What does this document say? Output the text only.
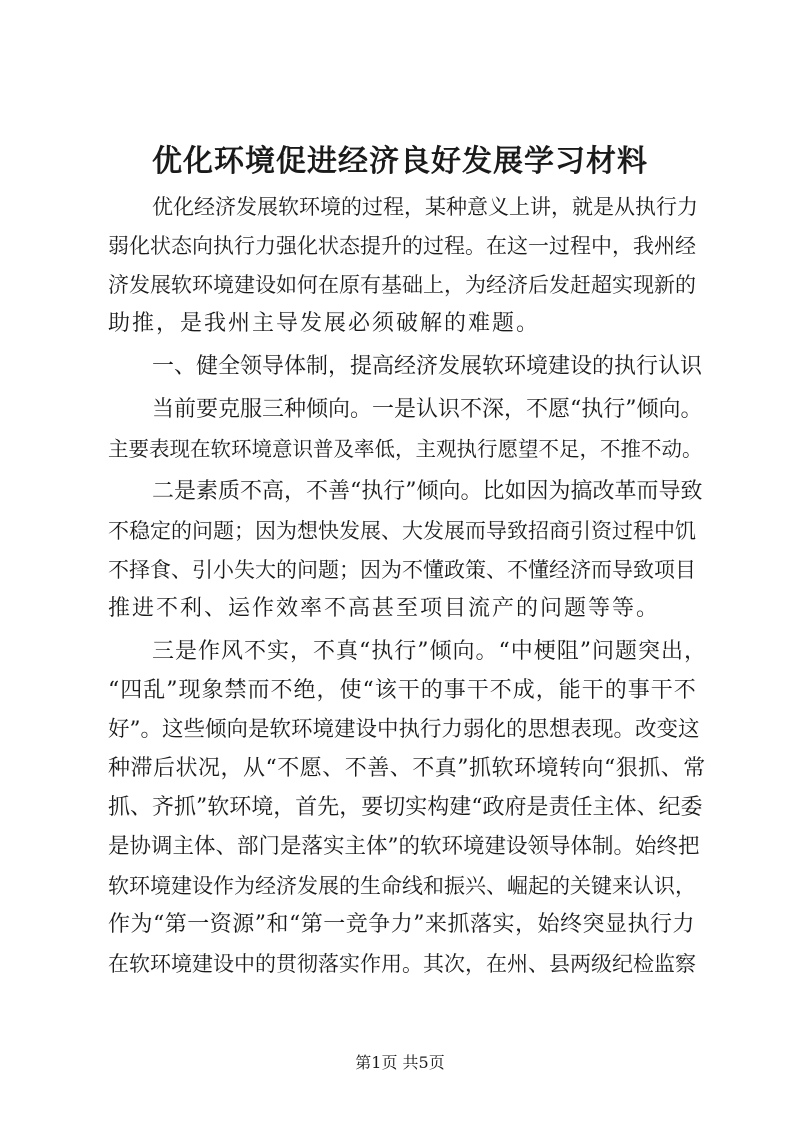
优化环境促进经济良好发展学习材料
优化经济发展软环境的过程，某种意义上讲，就是从执行力
弱化状态向执行力强化状态提升的过程。在这一过程中，我州经
济发展软环境建设如何在原有基础上，为经济后发赶超实现新的
助推，是我州主导发展必须破解的难题。
一、健全领导体制，提高经济发展软环境建设的执行认识
当前要克服三种倾向。一是认识不深，不愿“执行”倾向。
主要表现在软环境意识普及率低，主观执行愿望不足，不推不动。
二是素质不高，不善“执行”倾向。比如因为搞改革而导致
不稳定的问题；因为想快发展、大发展而导致招商引资过程中饥
不择食、引小失大的问题；因为不懂政策、不懂经济而导致项目
推进不利、运作效率不高甚至项目流产的问题等等。
三是作风不实，不真“执行”倾向。“中梗阻”问题突出，
“四乱”现象禁而不绝，使“该干的事干不成，能干的事干不
好”。这些倾向是软环境建设中执行力弱化的思想表现。改变这
种滞后状况，从“不愿、不善、不真”抓软环境转向“狠抓、常
抓、齐抓”软环境，首先，要切实构建“政府是责任主体、纪委
是协调主体、部门是落实主体”的软环境建设领导体制。始终把
软环境建设作为经济发展的生命线和振兴、崛起的关键来认识，
作为“第一资源”和“第一竞争力”来抓落实，始终突显执行力
在软环境建设中的贯彻落实作用。其次，在州、县两级纪检监察
第1页 共5页
